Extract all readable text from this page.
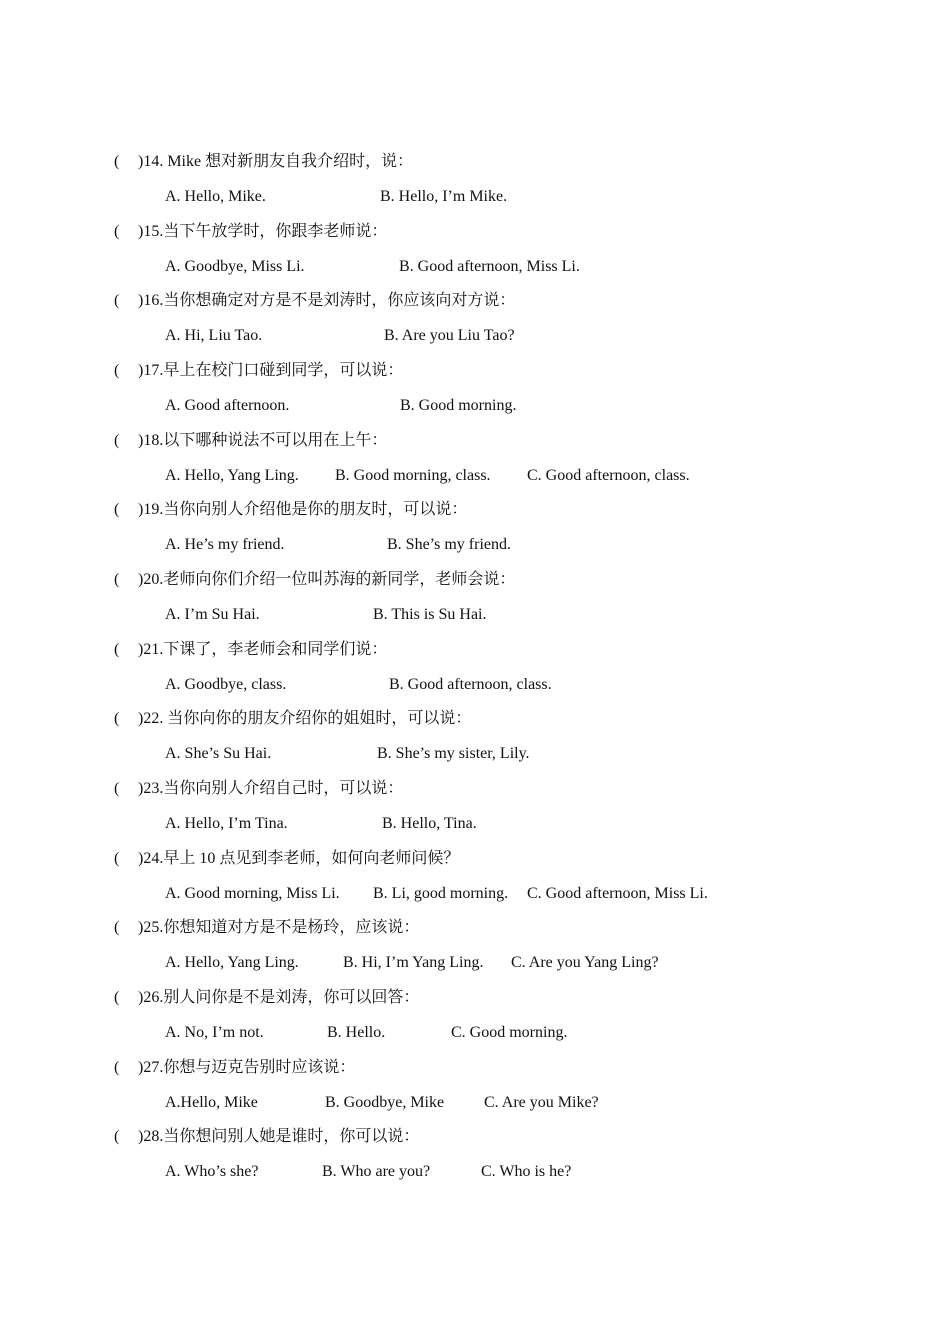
( )14. Mike 想对新朋友自我介绍时，说：
A. Hello, Mike.	B. Hello, I’m Mike.
( )15.当下午放学时，你跟李老师说：
A. Goodbye, Miss Li.	B. Good afternoon, Miss Li.
( )16.当你想确定对方是不是刘涛时，你应该向对方说：
A. Hi, Liu Tao.	B. Are you Liu Tao?
( )17.早上在校门口碰到同学，可以说：
A. Good afternoon.	B. Good morning.
( )18.以下哪种说法不可以用在上午：
A. Hello, Yang Ling. B. Good morning, class. C. Good afternoon, class.
( )19.当你向别人介绍他是你的朋友时，可以说：
A. He’s my friend.	B. She’s my friend.
( )20.老师向你们介绍一位叫苏海的新同学，老师会说：
A. I’m Su Hai.	B. This is Su Hai.
( )21.下课了，李老师会和同学们说：
A. Goodbye, class.	B. Good afternoon, class.
( )22. 当你向你的朋友介绍你的姐姐时，可以说：
A. She’s Su Hai.	B. She’s my sister, Lily.
( )23.当你向别人介绍自己时，可以说：
A. Hello, I’m Tina.	B. Hello, Tina.
( )24.早上 10 点见到李老师，如何向老师问候？
A. Good morning, Miss Li. B. Li, good morning. C. Good afternoon, Miss Li.
( )25.你想知道对方是不是杨玲，应该说：
A. Hello, Yang Ling.	B. Hi, I’m Yang Ling. C. Are you Yang Ling?
( )26.别人问你是不是刘涛，你可以回答：
A. No, I’m not.	B. Hello.	C. Good morning.
( )27.你想与迈克告别时应该说：
A.Hello, Mike	B. Goodbye, Mike C. Are you Mike?
( )28.当你想问别人她是谁时，你可以说：
A. Who’s she?	B. Who are you?	C. Who is he?
